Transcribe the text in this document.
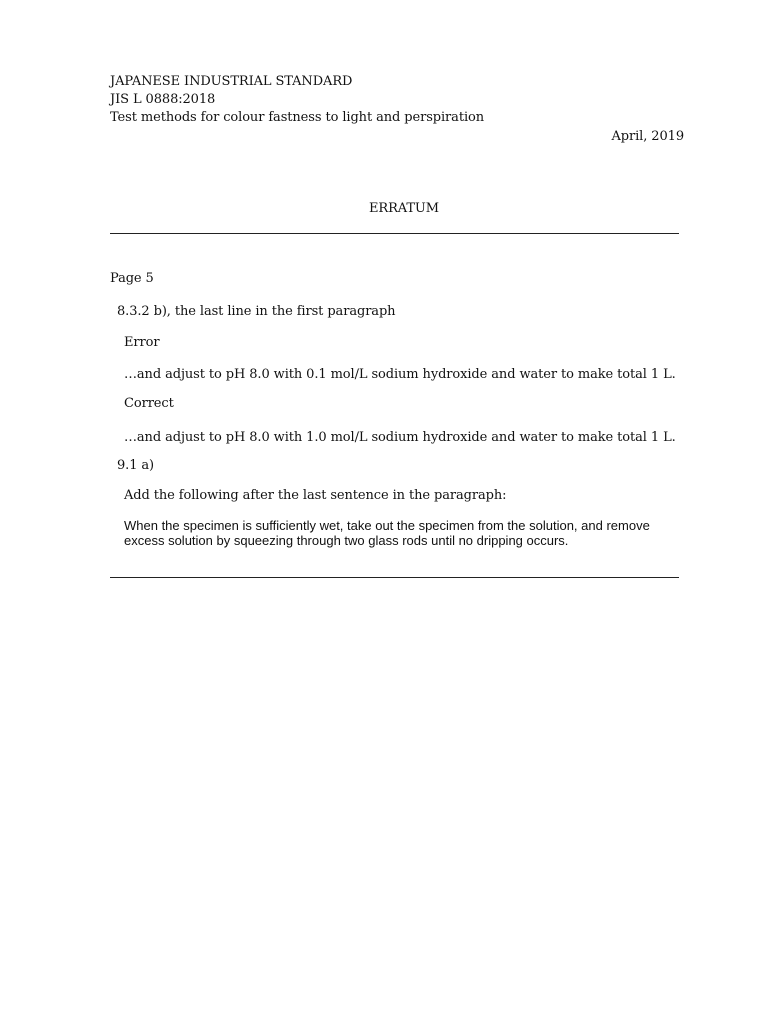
JAPANESE INDUSTRIAL STANDARD
JIS L 0888:2018
Test methods for colour fastness to light and perspiration
April, 2019
ERRATUM
Page 5
8.3.2 b), the last line in the first paragraph
Error
…and adjust to pH 8.0 with 0.1 mol/L sodium hydroxide and water to make total 1 L.
Correct
…and adjust to pH 8.0 with 1.0 mol/L sodium hydroxide and water to make total 1 L.
9.1 a)
Add the following after the last sentence in the paragraph:
When the specimen is sufficiently wet, take out the specimen from the solution, and remove
excess solution by squeezing through two glass rods until no dripping occurs.
